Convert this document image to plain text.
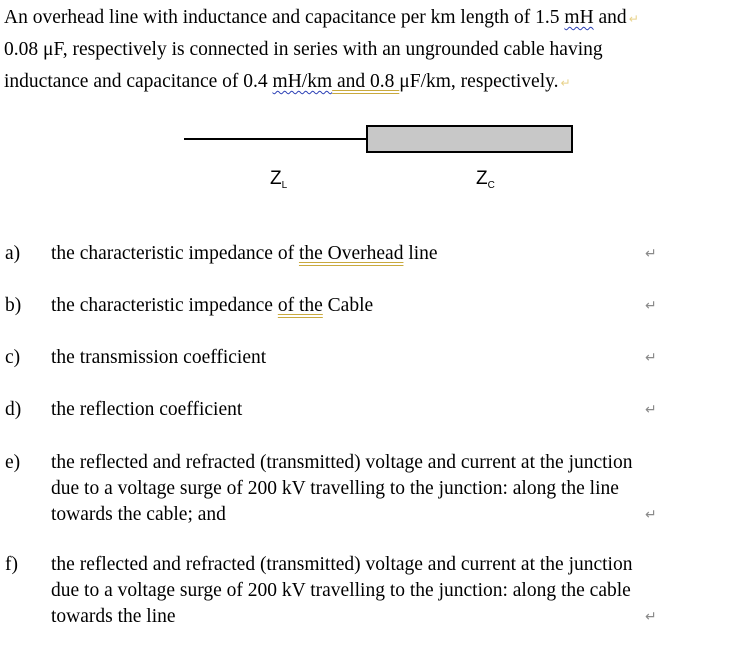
An overhead line with inductance and capacitance per km length of 1.5 mH and ↵
0.08 μF, respectively is connected in series with an ungrounded cable having
inductance and capacitance of 0.4 mH/km and 0.8 μF/km, respectively. ↵
$Z_L$	$Z_C$
a) the characteristic impedance of the Overhead line	↵
b) the characteristic impedance of the Cable	↵
c) the transmission coefficient	↵
d) the reflection coefficient	↵
e) the reflected and refracted (transmitted) voltage and current at the junction
due to a voltage surge of 200 kV travelling to the junction: along the line
towards the cable; and	↵
f) the reflected and refracted (transmitted) voltage and current at the junction
due to a voltage surge of 200 kV travelling to the junction: along the cable
towards the line	↵
